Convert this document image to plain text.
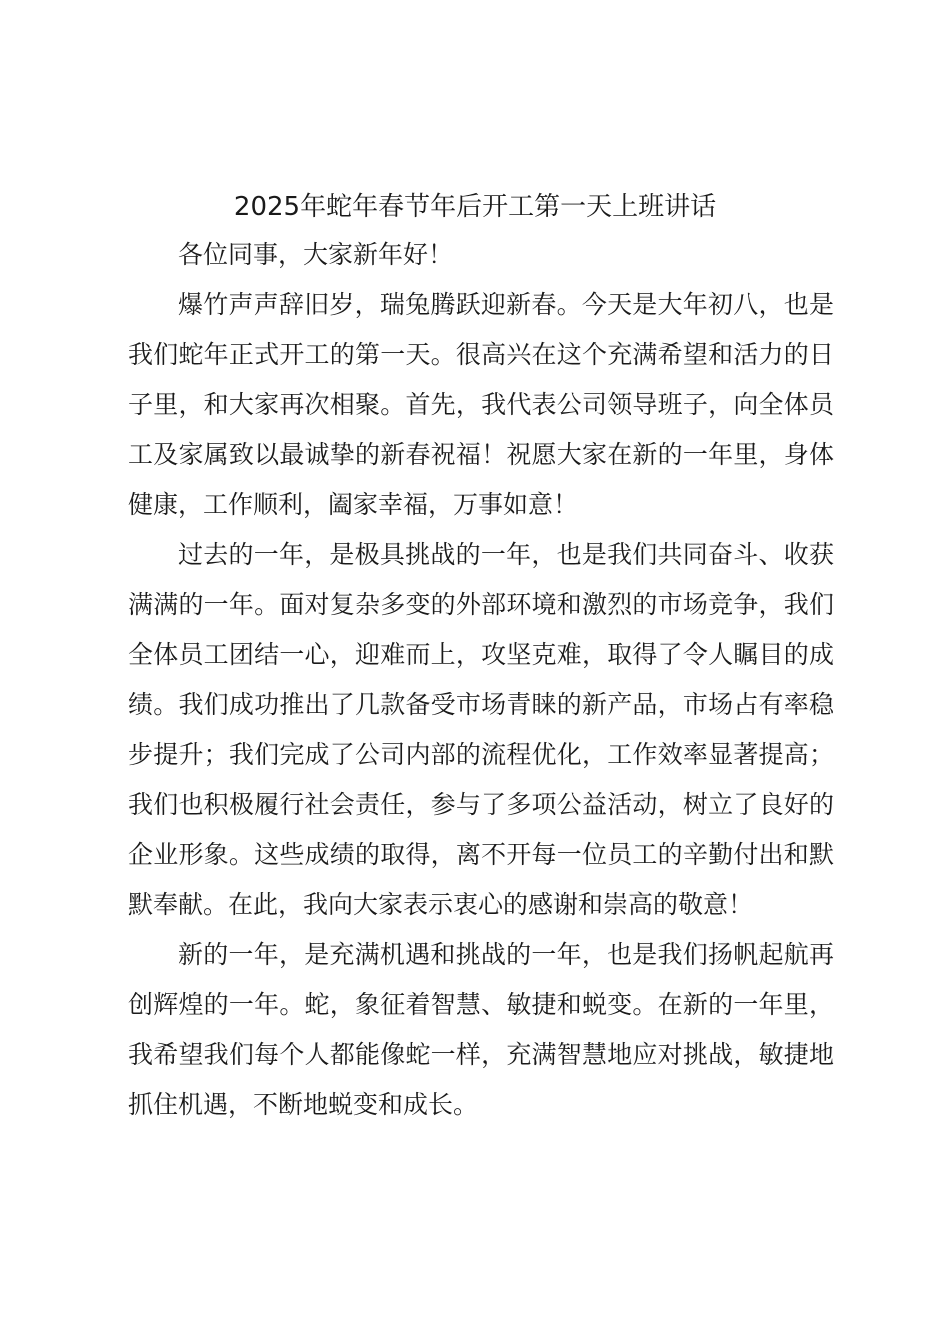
2025年蛇年春节年后开工第一天上班讲话

各位同事，大家新年好！

爆竹声声辞旧岁，瑞兔腾跃迎新春。今天是大年初八，也是我们蛇年正式开工的第一天。很高兴在这个充满希望和活力的日子里，和大家再次相聚。首先，我代表公司领导班子，向全体员工及家属致以最诚挚的新春祝福！祝愿大家在新的一年里，身体健康，工作顺利，阖家幸福，万事如意！

过去的一年，是极具挑战的一年，也是我们共同奋斗、收获满满的一年。面对复杂多变的外部环境和激烈的市场竞争，我们全体员工团结一心，迎难而上，攻坚克难，取得了令人瞩目的成绩。我们成功推出了几款备受市场青睐的新产品，市场占有率稳步提升；我们完成了公司内部的流程优化，工作效率显著提高；我们也积极履行社会责任，参与了多项公益活动，树立了良好的企业形象。这些成绩的取得，离不开每一位员工的辛勤付出和默默奉献。在此，我向大家表示衷心的感谢和崇高的敬意！

新的一年，是充满机遇和挑战的一年，也是我们扬帆起航再创辉煌的一年。蛇，象征着智慧、敏捷和蜕变。在新的一年里，我希望我们每个人都能像蛇一样，充满智慧地应对挑战，敏捷地抓住机遇，不断地蜕变和成长。
